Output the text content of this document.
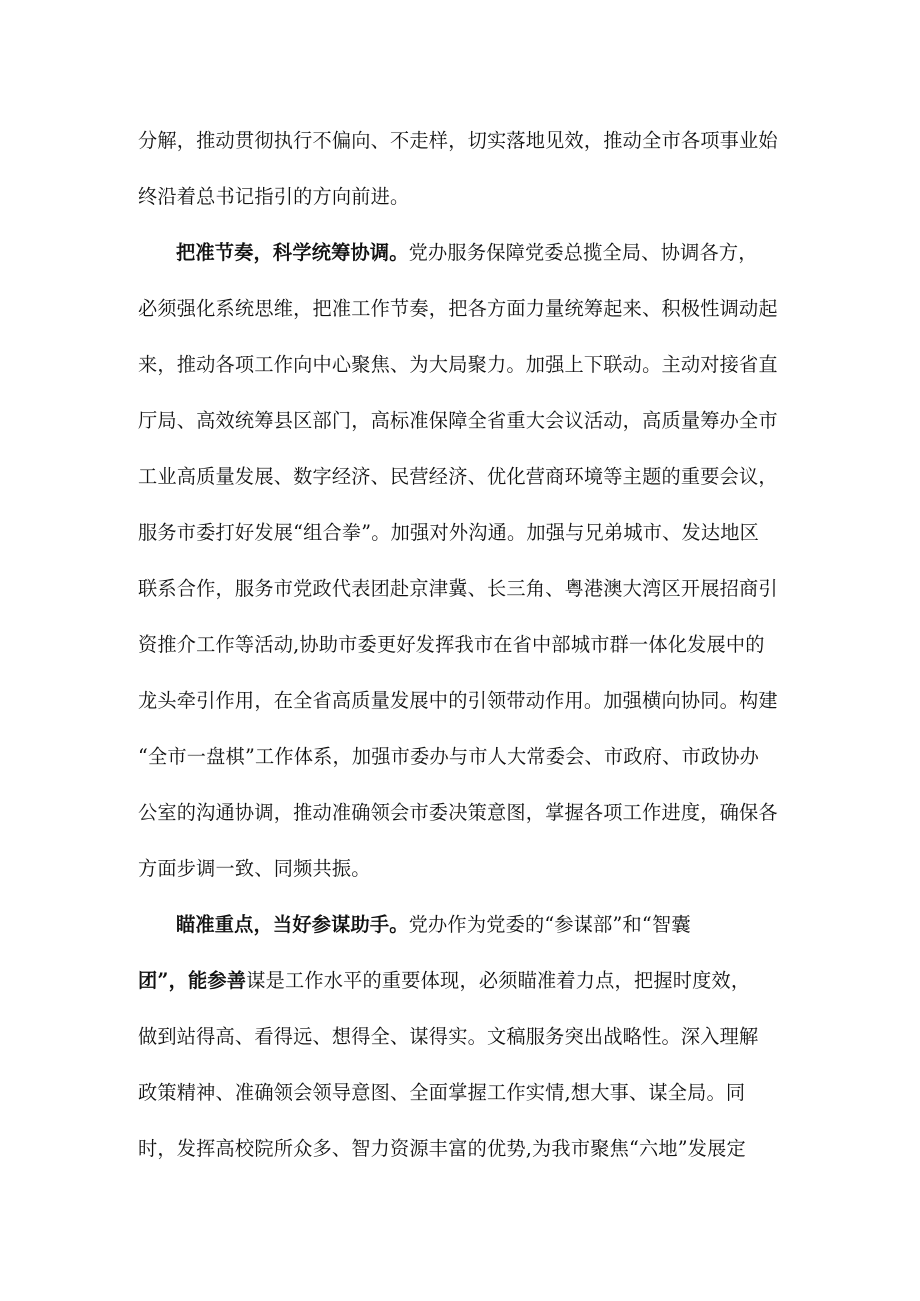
分解，推动贯彻执行不偏向、不走样，切实落地见效，推动全市各项事业始
终沿着总书记指引的方向前进。
把准节奏，科学统筹协调。党办服务保障党委总揽全局、协调各方，
必须强化系统思维，把准工作节奏，把各方面力量统筹起来、积极性调动起
来，推动各项工作向中心聚焦、为大局聚力。加强上下联动。主动对接省直
厅局、高效统筹县区部门，高标准保障全省重大会议活动，高质量筹办全市
工业高质量发展、数字经济、民营经济、优化营商环境等主题的重要会议，
服务市委打好发展“组合拳”。加强对外沟通。加强与兄弟城市、发达地区
联系合作，服务市党政代表团赴京津冀、长三角、粤港澳大湾区开展招商引
资推介工作等活动,协助市委更好发挥我市在省中部城市群一体化发展中的
龙头牵引作用，在全省高质量发展中的引领带动作用。加强横向协同。构建
“全市一盘棋”工作体系，加强市委办与市人大常委会、市政府、市政协办
公室的沟通协调，推动准确领会市委决策意图，掌握各项工作进度，确保各
方面步调一致、同频共振。
瞄准重点，当好参谋助手。党办作为党委的“参谋部”和“智囊
团”，能参善谋是工作水平的重要体现，必须瞄准着力点，把握时度效，
做到站得高、看得远、想得全、谋得实。文稿服务突出战略性。深入理解
政策精神、准确领会领导意图、全面掌握工作实情,想大事、谋全局。同
时，发挥高校院所众多、智力资源丰富的优势,为我市聚焦“六地”发展定
